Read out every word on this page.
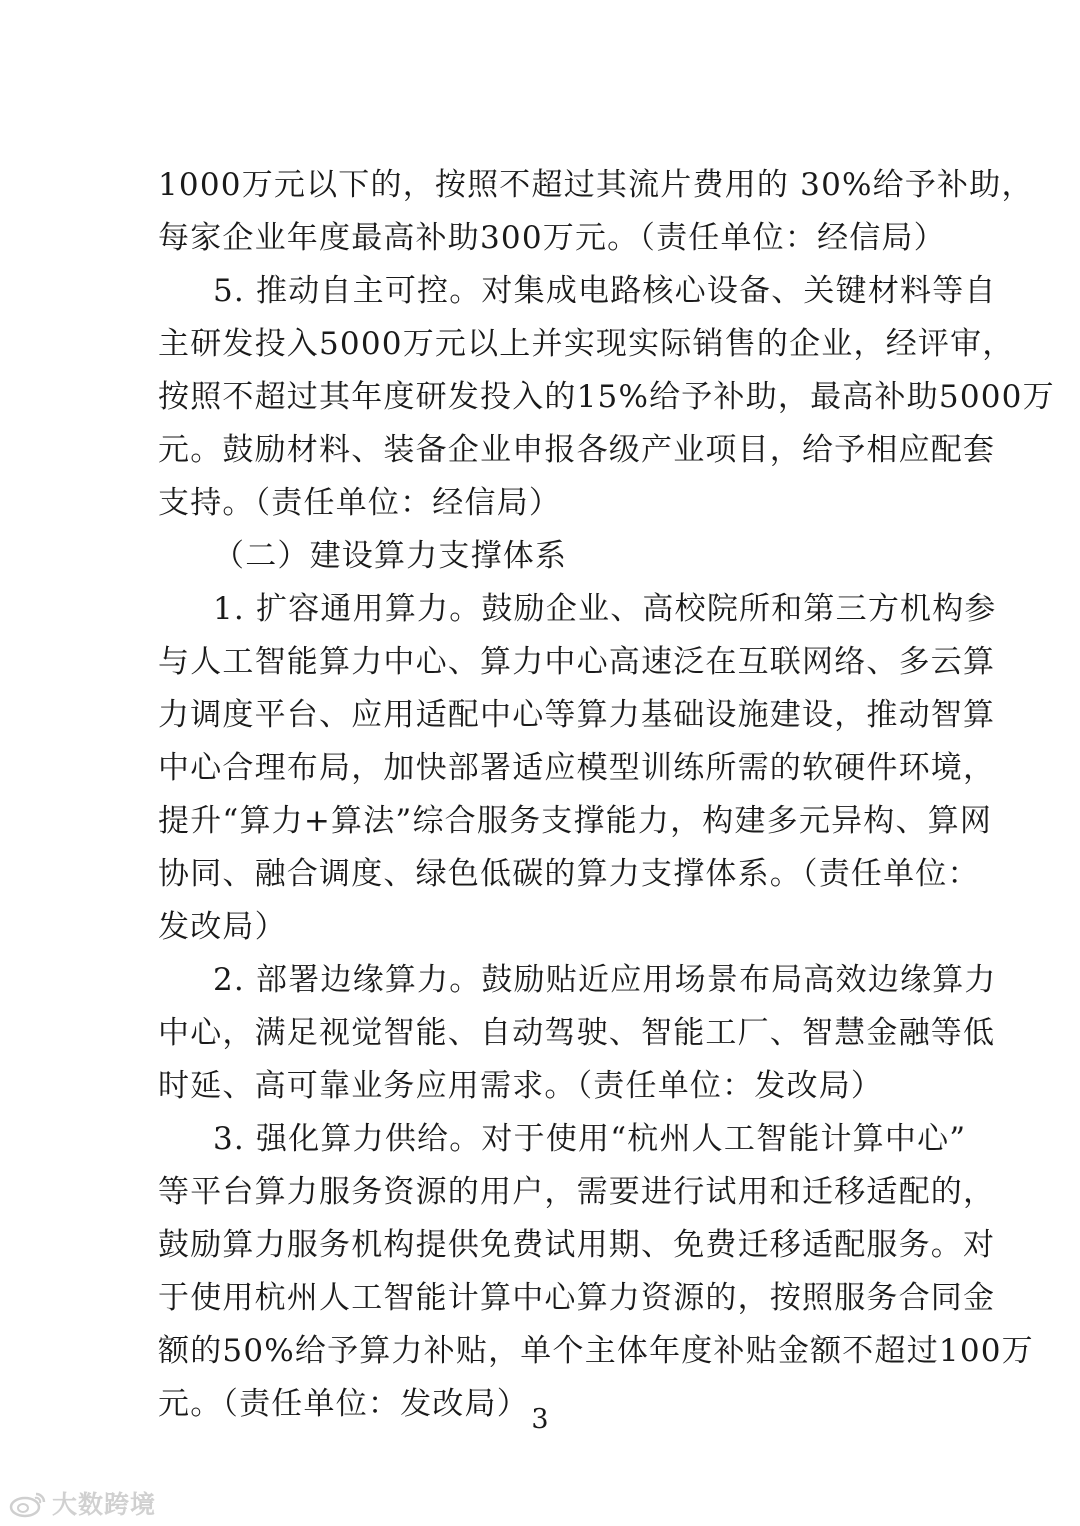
1000万元以下的，按照不超过其流片费用的 30%给予补助，
每家企业年度最高补助300万元。（责任单位：经信局）
5. 推动自主可控。对集成电路核心设备、关键材料等自
主研发投入5000万元以上并实现实际销售的企业，经评审，
按照不超过其年度研发投入的15%给予补助，最高补助5000万
元。鼓励材料、装备企业申报各级产业项目，给予相应配套
支持。（责任单位：经信局）
（二）建设算力支撑体系
1. 扩容通用算力。鼓励企业、高校院所和第三方机构参
与人工智能算力中心、算力中心高速泛在互联网络、多云算
力调度平台、应用适配中心等算力基础设施建设，推动智算
中心合理布局，加快部署适应模型训练所需的软硬件环境，
提升“算力+算法”综合服务支撑能力，构建多元异构、算网
协同、融合调度、绿色低碳的算力支撑体系。（责任单位：
发改局）
2. 部署边缘算力。鼓励贴近应用场景布局高效边缘算力
中心，满足视觉智能、自动驾驶、智能工厂、智慧金融等低
时延、高可靠业务应用需求。（责任单位：发改局）
3. 强化算力供给。对于使用“杭州人工智能计算中心”
等平台算力服务资源的用户，需要进行试用和迁移适配的，
鼓励算力服务机构提供免费试用期、免费迁移适配服务。对
于使用杭州人工智能计算中心算力资源的，按照服务合同金
额的50%给予算力补贴，单个主体年度补贴金额不超过100万
元。（责任单位：发改局） 3
大数跨境
